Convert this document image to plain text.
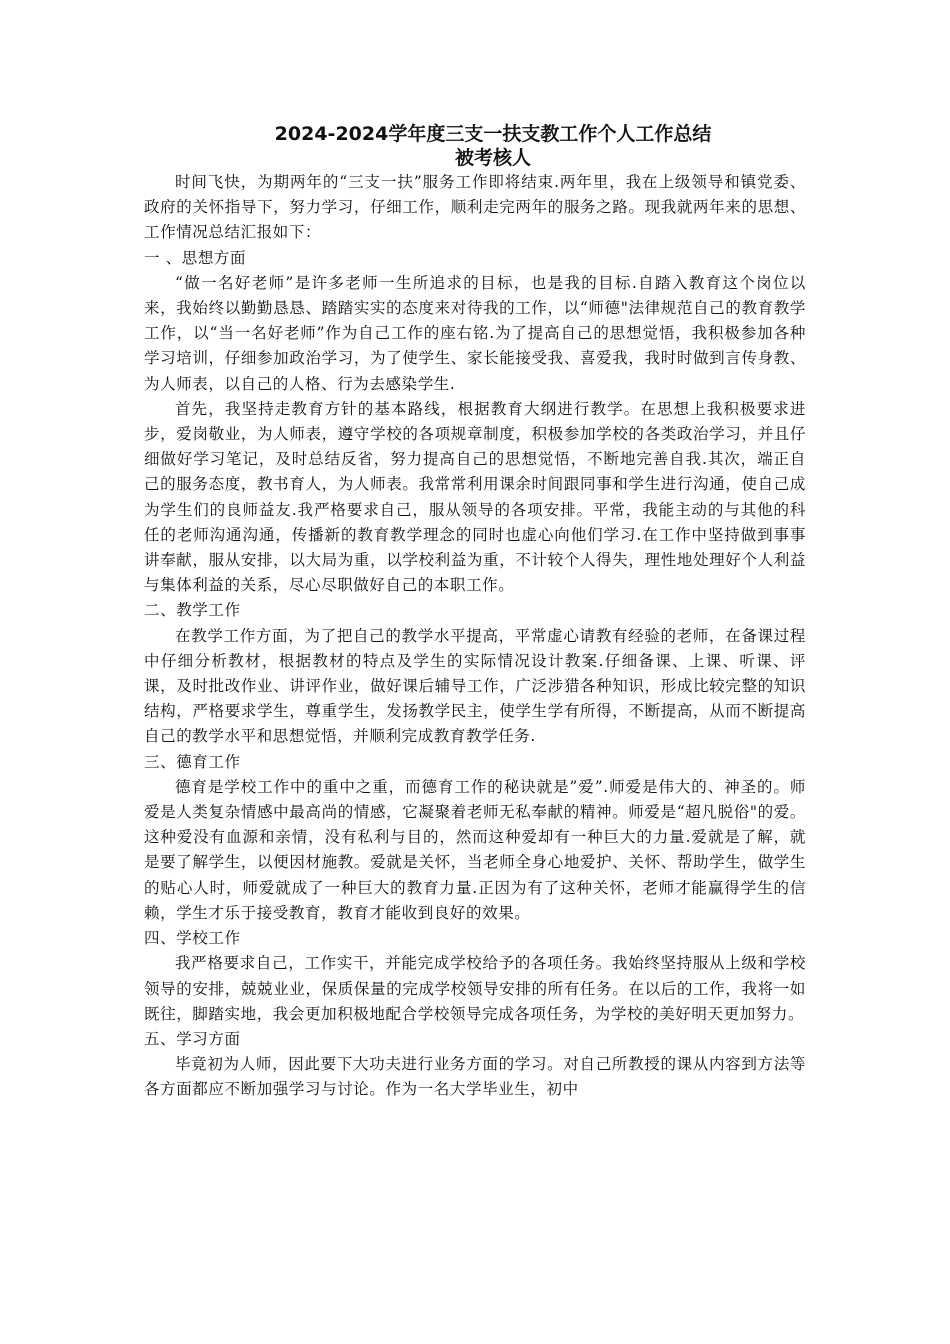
2024-2024学年度三支一扶支教工作个人工作总结
被考核人

时间飞快，为期两年的“三支一扶”服务工作即将结束.两年里，我在上级领导和镇党委、政府的关怀指导下，努力学习，仔细工作，顺利走完两年的服务之路。现我就两年来的思想、工作情况总结汇报如下：

一 、思想方面

“做一名好老师”是许多老师一生所追求的目标，也是我的目标.自踏入教育这个岗位以来，我始终以勤勤恳恳、踏踏实实的态度来对待我的工作，以“师德"法律规范自己的教育教学工作，以“当一名好老师”作为自己工作的座右铭.为了提高自己的思想觉悟，我积极参加各种学习培训，仔细参加政治学习，为了使学生、家长能接受我、喜爱我，我时时做到言传身教、为人师表，以自己的人格、行为去感染学生.

首先，我坚持走教育方针的基本路线，根据教育大纲进行教学。在思想上我积极要求进步，爱岗敬业，为人师表，遵守学校的各项规章制度，积极参加学校的各类政治学习，并且仔细做好学习笔记，及时总结反省，努力提高自己的思想觉悟，不断地完善自我.其次，端正自己的服务态度，教书育人，为人师表。我常常利用课余时间跟同事和学生进行沟通，使自己成为学生们的良师益友.我严格要求自己，服从领导的各项安排。平常，我能主动的与其他的科任的老师沟通沟通，传播新的教育教学理念的同时也虚心向他们学习.在工作中坚持做到事事讲奉献，服从安排，以大局为重，以学校利益为重，不计较个人得失，理性地处理好个人利益与集体利益的关系，尽心尽职做好自己的本职工作。

二、教学工作

在教学工作方面，为了把自己的教学水平提高，平常虚心请教有经验的老师，在备课过程中仔细分析教材，根据教材的特点及学生的实际情况设计教案.仔细备课、上课、听课、评课，及时批改作业、讲评作业，做好课后辅导工作，广泛涉猎各种知识，形成比较完整的知识结构，严格要求学生，尊重学生，发扬教学民主，使学生学有所得，不断提高，从而不断提高自己的教学水平和思想觉悟，并顺利完成教育教学任务.

三、德育工作

德育是学校工作中的重中之重，而德育工作的秘诀就是”爱”.师爱是伟大的、神圣的。师爱是人类复杂情感中最高尚的情感，它凝聚着老师无私奉献的精神。师爱是“超凡脱俗"的爱。这种爱没有血源和亲情，没有私利与目的，然而这种爱却有一种巨大的力量.爱就是了解，就是要了解学生，以便因材施教。爱就是关怀，当老师全身心地爱护、关怀、帮助学生，做学生的贴心人时，师爱就成了一种巨大的教育力量.正因为有了这种关怀，老师才能赢得学生的信赖，学生才乐于接受教育，教育才能收到良好的效果。

四、学校工作

我严格要求自己，工作实干，并能完成学校给予的各项任务。我始终坚持服从上级和学校领导的安排，兢兢业业，保质保量的完成学校领导安排的所有任务。在以后的工作，我将一如既往，脚踏实地，我会更加积极地配合学校领导完成各项任务，为学校的美好明天更加努力。

五、学习方面

毕竟初为人师，因此要下大功夫进行业务方面的学习。对自己所教授的课从内容到方法等各方面都应不断加强学习与讨论。作为一名大学毕业生，初中
